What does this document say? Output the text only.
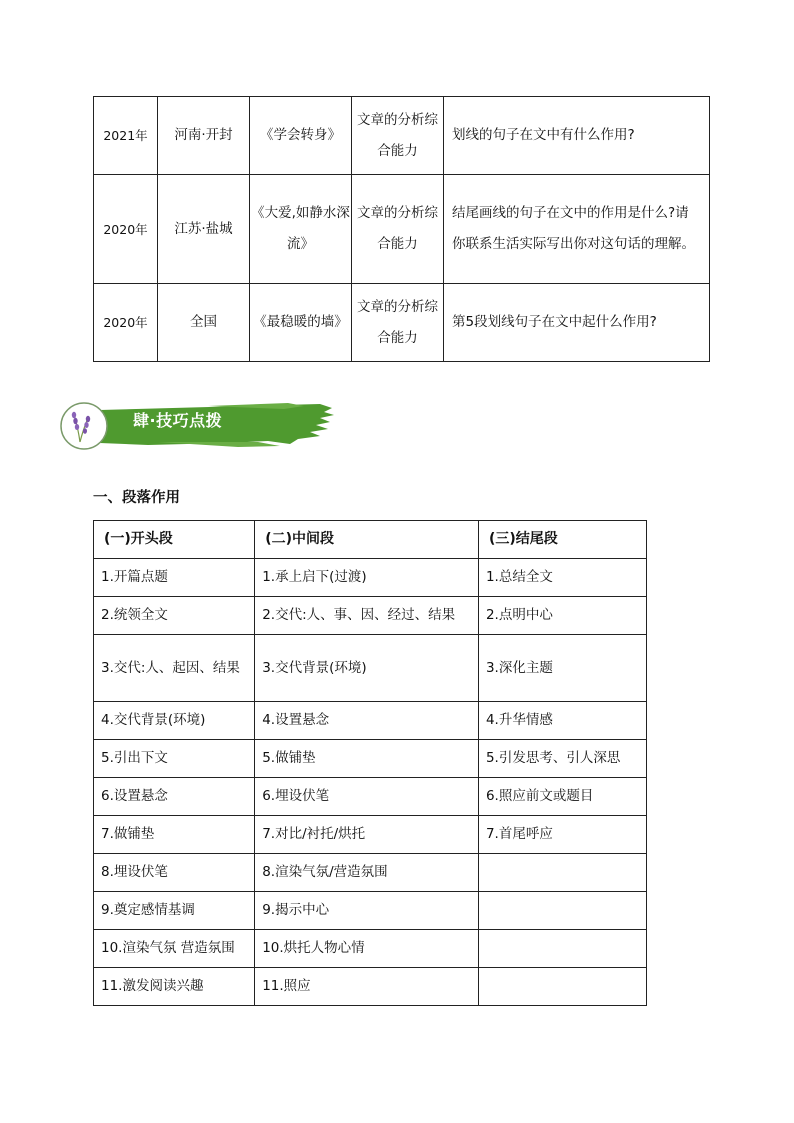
2021年	河南·开封	《学会转身》	文章的分析综合能力	划线的句子在文中有什么作用?
2020年	江苏·盐城	《大爱,如静水深流》	文章的分析综合能力	结尾画线的句子在文中的作用是什么?请你联系生活实际写出你对这句话的理解。
2020年	全国	《最稳暖的墙》	文章的分析综合能力	第5段划线句子在文中起什么作用?
肆·技巧点拨
一、段落作用
(一)开头段	(二)中间段	(三)结尾段
1.开篇点题	1.承上启下(过渡)	1.总结全文
2.统领全文	2.交代:人、事、因、经过、结果	2.点明中心
3.交代:人、起因、结果	3.交代背景(环境)	3.深化主题
4.交代背景(环境)	4.设置悬念	4.升华情感
5.引出下文	5.做铺垫	5.引发思考、引人深思
6.设置悬念	6.埋设伏笔	6.照应前文或题目
7.做铺垫	7.对比/衬托/烘托	7.首尾呼应
8.埋设伏笔	8.渲染气氛/营造氛围	
9.奠定感情基调	9.揭示中心	
10.渲染气氛 营造氛围	10.烘托人物心情	
11.激发阅读兴趣	11.照应	
